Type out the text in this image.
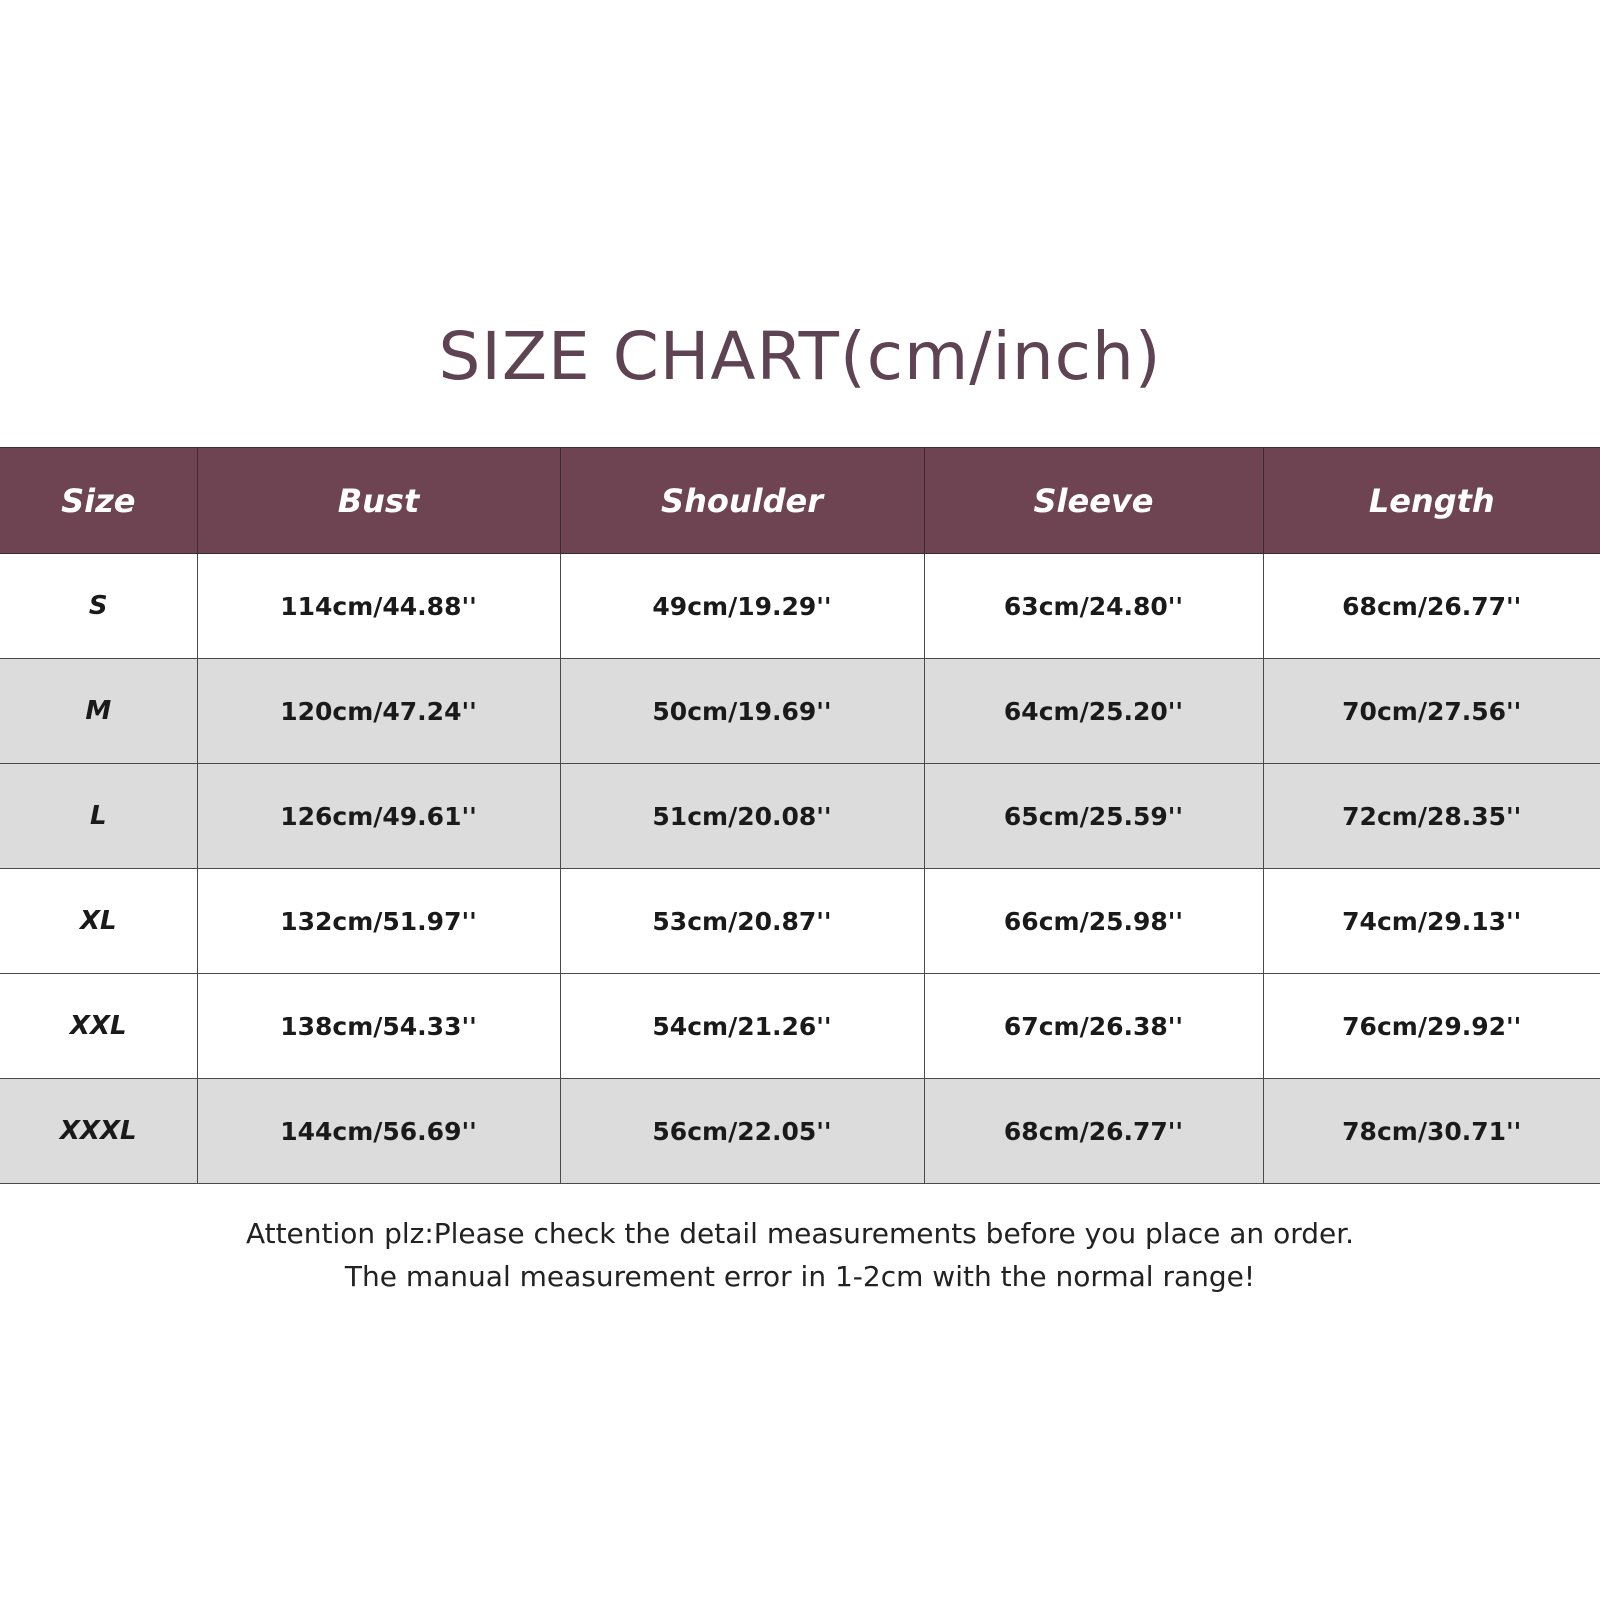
SIZE CHART(cm/inch)
Size	Bust	Shoulder	Sleeve	Length
S	114cm/44.88''	49cm/19.29''	63cm/24.80''	68cm/26.77''
M	120cm/47.24''	50cm/19.69''	64cm/25.20''	70cm/27.56''
L	126cm/49.61''	51cm/20.08''	65cm/25.59''	72cm/28.35''
XL	132cm/51.97''	53cm/20.87''	66cm/25.98''	74cm/29.13''
XXL	138cm/54.33''	54cm/21.26''	67cm/26.38''	76cm/29.92''
XXXL	144cm/56.69''	56cm/22.05''	68cm/26.77''	78cm/30.71''
Attention plz:Please check the detail measurements before you place an order.
The manual measurement error in 1-2cm with the normal range!
